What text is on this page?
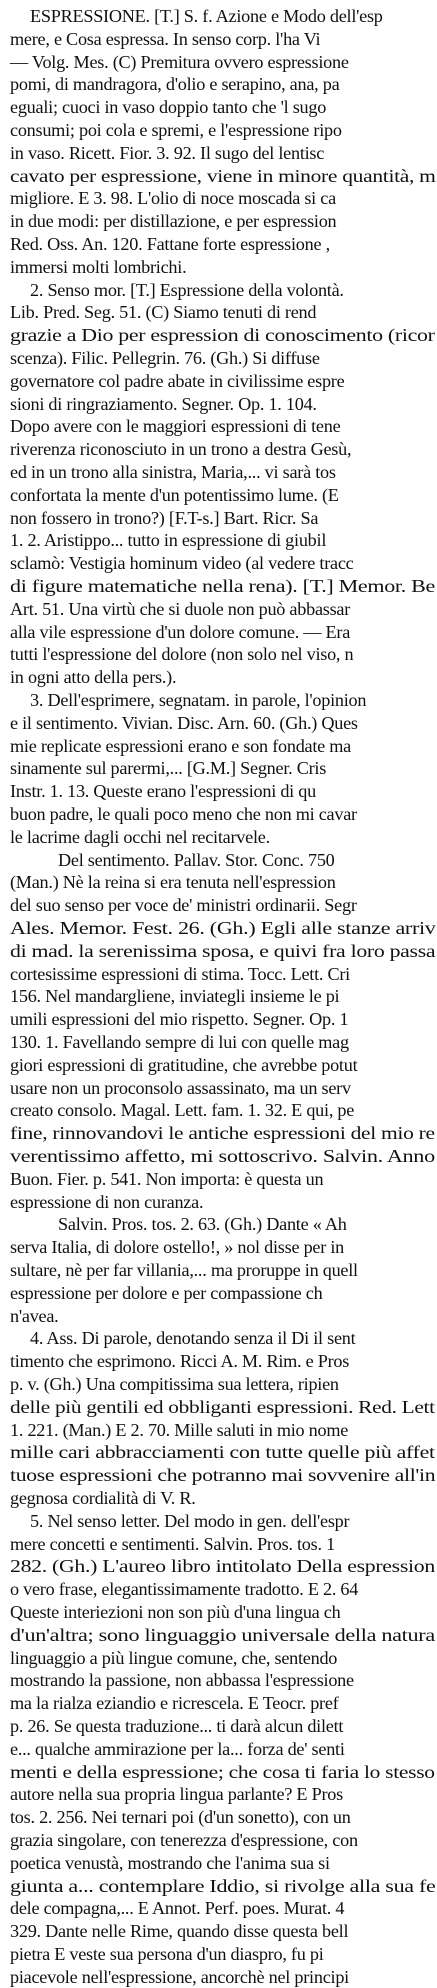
ESPRESSIONE. [T.] S. f. Azione e Modo dell'esp
mere, e Cosa espressa. In senso corp. l'ha Vi
— Volg. Mes. (C) Premitura ovvero espressione
pomi, di mandragora, d'olio e serapino, ana, pa
eguali; cuoci in vaso doppio tanto che 'l sugo
consumi; poi cola e spremi, e l'espressione ripo
in vaso. Ricett. Fior. 3. 92. Il sugo del lentisc
cavato per espressione, viene in minore quantità, m
migliore. E 3. 98. L'olio di noce moscada si ca
in due modi: per distillazione, e per espression
Red. Oss. An. 120. Fattane forte espressione ,
immersi molti lombrichi.
2. Senso mor. [T.] Espressione della volontà.
Lib. Pred. Seg. 51. (C) Siamo tenuti di rend
grazie a Dio per espression di conoscimento (ricor
scenza). Filic. Pellegrin. 76. (Gh.) Si diffuse
governatore col padre abate in civilissime espre
sioni di ringraziamento. Segner. Op. 1. 104.
Dopo avere con le maggiori espressioni di tene
riverenza riconosciuto in un trono a destra Gesù,
ed in un trono alla sinistra, Maria,... vi sarà tos
confortata la mente d'un potentissimo lume. (E
non fossero in trono?) [F.T-s.] Bart. Ricr. Sa
1. 2. Aristippo... tutto in espressione di giubil
sclamò: Vestigia hominum video (al vedere tracc
di figure matematiche nella rena). [T.] Memor. Be
Art. 51. Una virtù che si duole non può abbassar
alla vile espressione d'un dolore comune. — Era
tutti l'espressione del dolore (non solo nel viso, n
in ogni atto della pers.).
3. Dell'esprimere, segnatam. in parole, l'opinion
e il sentimento. Vivian. Disc. Arn. 60. (Gh.) Ques
mie replicate espressioni erano e son fondate ma
sinamente sul parermi,... [G.M.] Segner. Cris
Instr. 1. 13. Queste erano l'espressioni di qu
buon padre, le quali poco meno che non mi cavar
le lacrime dagli occhi nel recitarvele.
Del sentimento. Pallav. Stor. Conc. 750
(Man.) Nè la reina si era tenuta nell'espression
del suo senso per voce de' ministri ordinarii. Segr
Ales. Memor. Fest. 26. (Gh.) Egli alle stanze arriv
di mad. la serenissima sposa, e quivi fra loro passa
cortesissime espressioni di stima. Tocc. Lett. Cri
156. Nel mandargliene, inviategli insieme le pi
umili espressioni del mio rispetto. Segner. Op. 1
130. 1. Favellando sempre di lui con quelle mag
giori espressioni di gratitudine, che avrebbe potut
usare non un proconsolo assassinato, ma un serv
creato consolo. Magal. Lett. fam. 1. 32. E qui, pe
fine, rinnovandovi le antiche espressioni del mio re
verentissimo affetto, mi sottoscrivo. Salvin. Anno
Buon. Fier. p. 541. Non importa: è questa un
espressione di non curanza.
Salvin. Pros. tos. 2. 63. (Gh.) Dante « Ah
serva Italia, di dolore ostello!, » nol disse per in
sultare, nè per far villania,... ma proruppe in quell
espressione per dolore e per compassione ch
n'avea.
4. Ass. Di parole, denotando senza il Di il sent
timento che esprimono. Ricci A. M. Rim. e Pros
p. v. (Gh.) Una compitissima sua lettera, ripien
delle più gentili ed obbliganti espressioni. Red. Lett
1. 221. (Man.) E 2. 70. Mille saluti in mio nome
mille cari abbracciamenti con tutte quelle più affet
tuose espressioni che potranno mai sovvenire all'in
gegnosa cordialità di V. R.
5. Nel senso letter. Del modo in gen. dell'espr
mere concetti e sentimenti. Salvin. Pros. tos. 1
282. (Gh.) L'aureo libro intitolato Della espression
o vero frase, elegantissimamente tradotto. E 2. 64
Queste interiezioni non son più d'una lingua ch
d'un'altra; sono linguaggio universale della natura
linguaggio a più lingue comune, che, sentendo
mostrando la passione, non abbassa l'espressione
ma la rialza eziandio e ricrescela. E Teocr. pref
p. 26. Se questa traduzione... ti darà alcun dilett
e... qualche ammirazione per la... forza de' senti
menti e della espressione; che cosa ti faria lo stesso
autore nella sua propria lingua parlante? E Pros
tos. 2. 256. Nei ternari poi (d'un sonetto), con un
grazia singolare, con tenerezza d'espressione, con
poetica venustà, mostrando che l'anima sua si
giunta a... contemplare Iddio, si rivolge alla sua fe
dele compagna,... E Annot. Perf. poes. Murat. 4
329. Dante nelle Rime, quando disse questa bell
pietra E veste sua persona d'un diaspro, fu pi
piacevole nell'espressione, ancorchè nel principi
